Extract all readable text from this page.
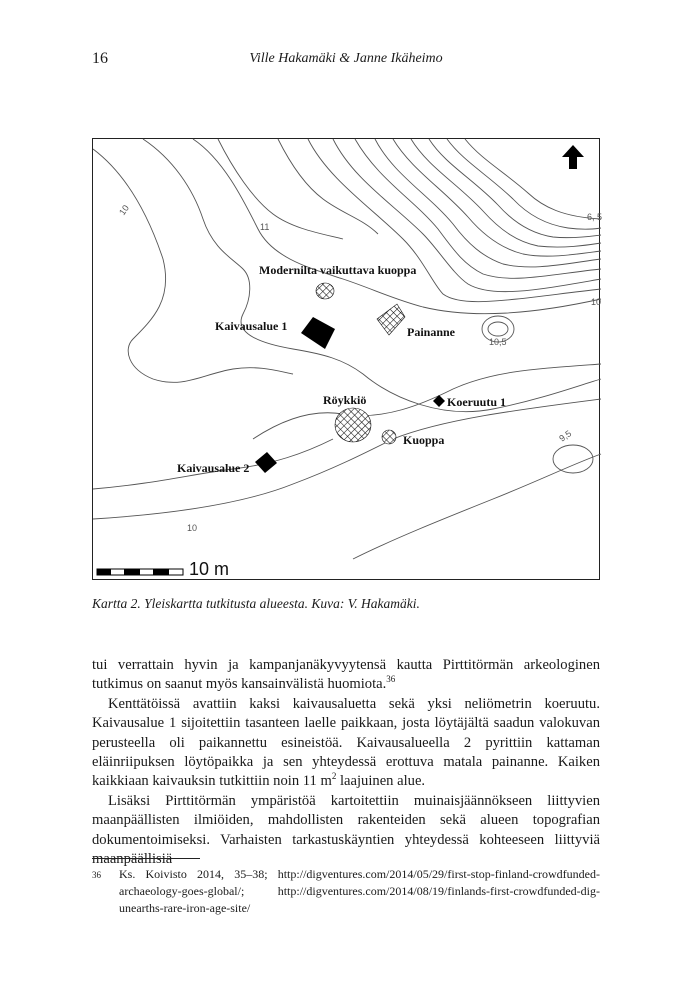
16	Ville Hakamäki & Janne Ikäheimo
Modernilta vaikuttava kuoppa
Kaivausalue 1	Painanne
Röykkiö	Koeruutu 1
Kuoppa
Kaivausalue 2
10
11
6, 5
10
10,5
9,5
10
10 m
Kartta 2. Yleiskartta tutkitusta alueesta. Kuva: V. Hakamäki.

tui verrattain hyvin ja kampanjanäkyvyytensä kautta Pirttitörmän arkeologinen tutkimus on saanut myös kansainvälistä huomiota.$^{36}$

Kenttätöissä avattiin kaksi kaivausaluetta sekä yksi neliömetrin koeruutu. Kaivausalue 1 sijoitettiin tasanteen laelle paikkaan, josta löytäjältä saadun valokuvan perusteella oli paikannettu esineistöä. Kaivausalueella 2 pyrittiin kattaman eläinriipuksen löytöpaikka ja sen yhteydessä erottuva matala painanne. Kaiken kaikkiaan kaivauksin tutkittiin noin 11 $m^2$ laajuinen alue.

Lisäksi Pirttitörmän ympäristöä kartoitettiin muinaisjäännökseen liittyvien maanpäällisten ilmiöiden, mahdollisten rakenteiden sekä alueen topografian dokumentoimiseksi. Varhaisten tarkastuskäyntien yhteydessä kohteeseen liittyviä maanpäällisiä

36 Ks. Koivisto 2014, 35–38; http://digventures.com/2014/05/29/first-stop-finland-crowdfunded-archaeology-goes-global/; http://digventures.com/2014/08/19/finlands-first-crowdfunded-dig-unearths-rare-iron-age-site/
